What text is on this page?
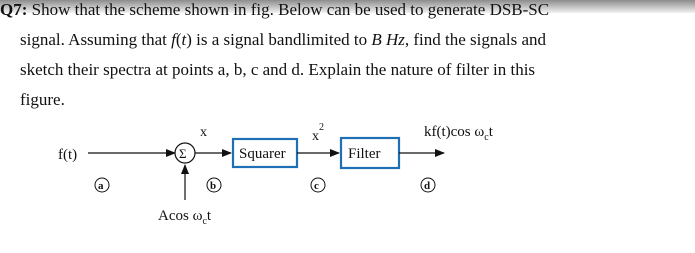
Q7: Show that the scheme shown in fig. Below can be used to generate DSB-SC
signal. Assuming that f(t) is a signal bandlimited to B Hz, find the signals and
sketch their spectra at points a, b, c and d. Explain the nature of filter in this
figure.
f(t)
x
Σ	Squarer
x
2
Filter
kf(t)cos $\omega_ct$
Acos $\omega_ct$
a	b	c	d
